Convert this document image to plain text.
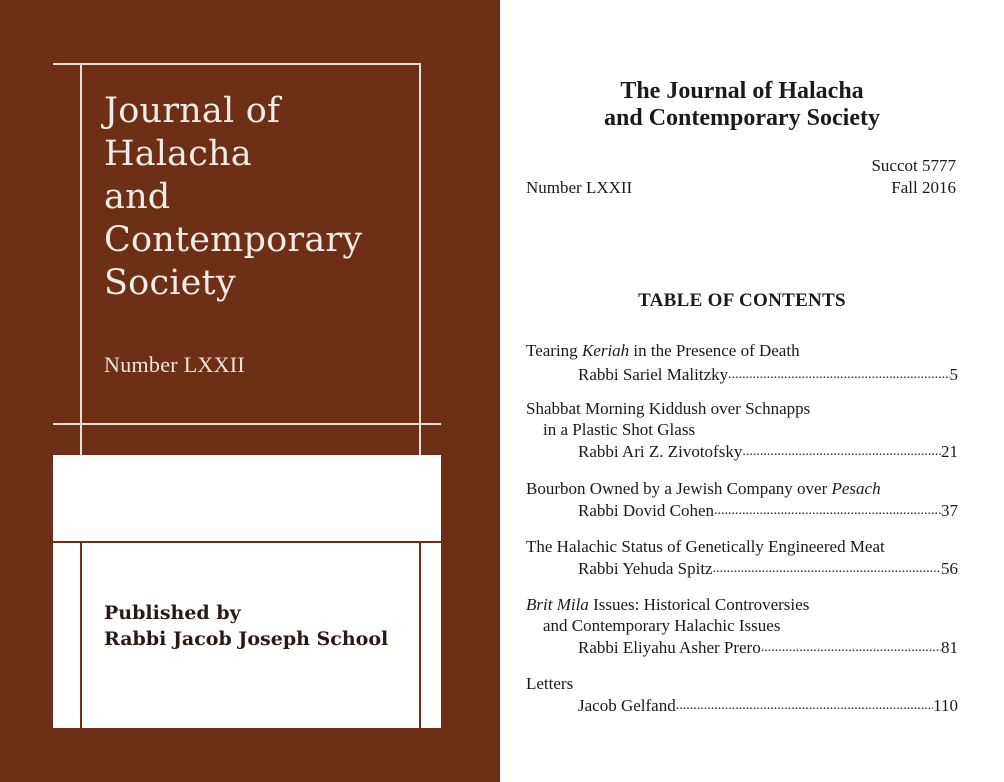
Journal of
Halacha
and
Contemporary
Society
Number LXXII
Published by
Rabbi Jacob Joseph School
The Journal of Halacha
and Contemporary Society
Succot 5777
Number LXXII	Fall 2016
TABLE OF CONTENTS
Tearing Keriah in the Presence of Death
Rabbi Sariel Malitzky .....	5
Shabbat Morning Kiddush over Schnapps
in a Plastic Shot Glass
Rabbi Ari Z. Zivotofsky .....	21
Bourbon Owned by a Jewish Company over Pesach
Rabbi Dovid Cohen .....	37
The Halachic Status of Genetically Engineered Meat
Rabbi Yehuda Spitz .....	56
Brit Mila Issues: Historical Controversies
and Contemporary Halachic Issues
Rabbi Eliyahu Asher Prero .....	81
Letters
Jacob Gelfand .....	110
